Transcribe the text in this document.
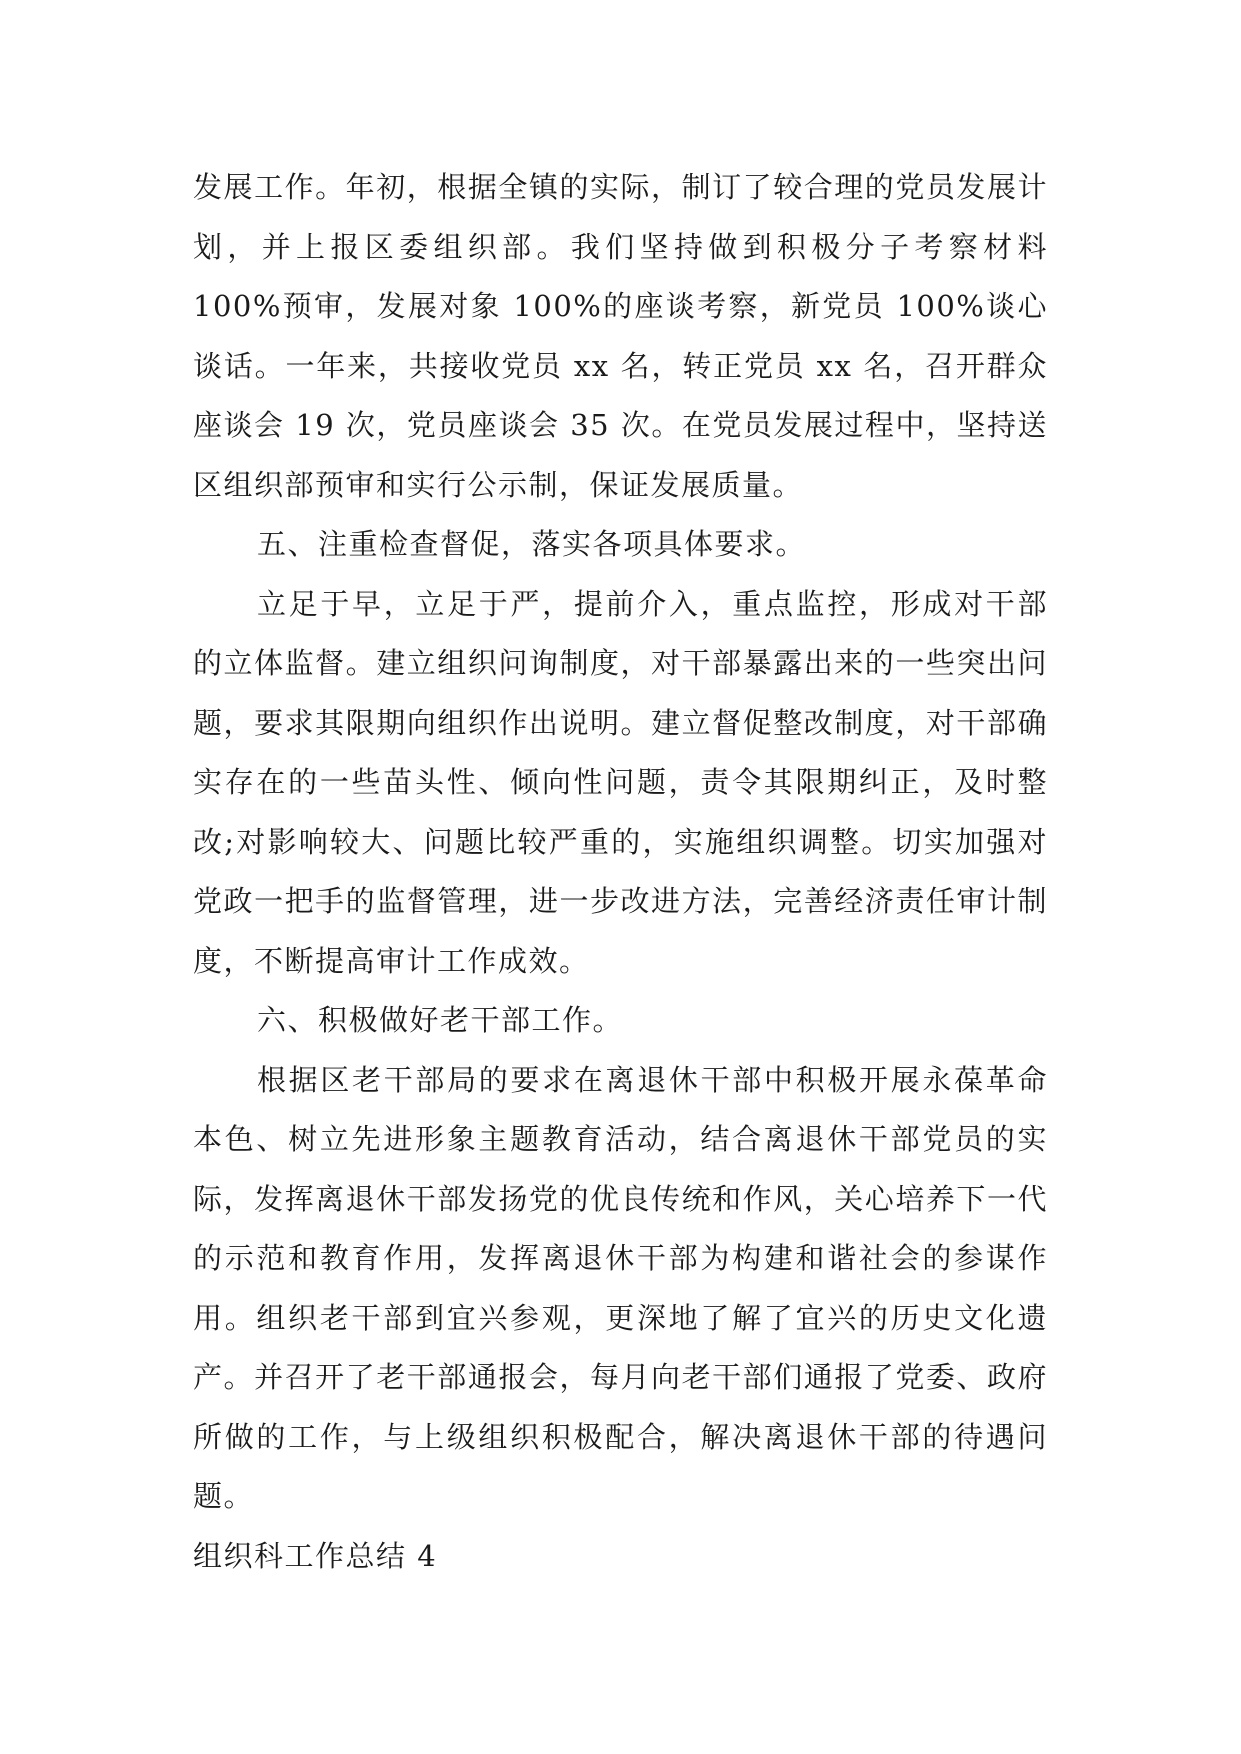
发展工作。年初，根据全镇的实际，制订了较合理的党员发展计划，并上报区委组织部。我们坚持做到积极分子考察材料 100%预审，发展对象 100%的座谈考察，新党员 100%谈心谈话。一年来，共接收党员 xx 名，转正党员 xx 名，召开群众座谈会 19 次，党员座谈会 35 次。在党员发展过程中，坚持送区组织部预审和实行公示制，保证发展质量。

五、注重检查督促，落实各项具体要求。

立足于早，立足于严，提前介入，重点监控，形成对干部的立体监督。建立组织问询制度，对干部暴露出来的一些突出问题，要求其限期向组织作出说明。建立督促整改制度，对干部确实存在的一些苗头性、倾向性问题，责令其限期纠正，及时整改;对影响较大、问题比较严重的，实施组织调整。切实加强对党政一把手的监督管理，进一步改进方法，完善经济责任审计制度，不断提高审计工作成效。

六、积极做好老干部工作。

根据区老干部局的要求在离退休干部中积极开展永葆革命本色、树立先进形象主题教育活动，结合离退休干部党员的实际，发挥离退休干部发扬党的优良传统和作风，关心培养下一代的示范和教育作用，发挥离退休干部为构建和谐社会的参谋作用。组织老干部到宜兴参观，更深地了解了宜兴的历史文化遗产。并召开了老干部通报会，每月向老干部们通报了党委、政府所做的工作，与上级组织积极配合，解决离退休干部的待遇问题。

组织科工作总结 4
